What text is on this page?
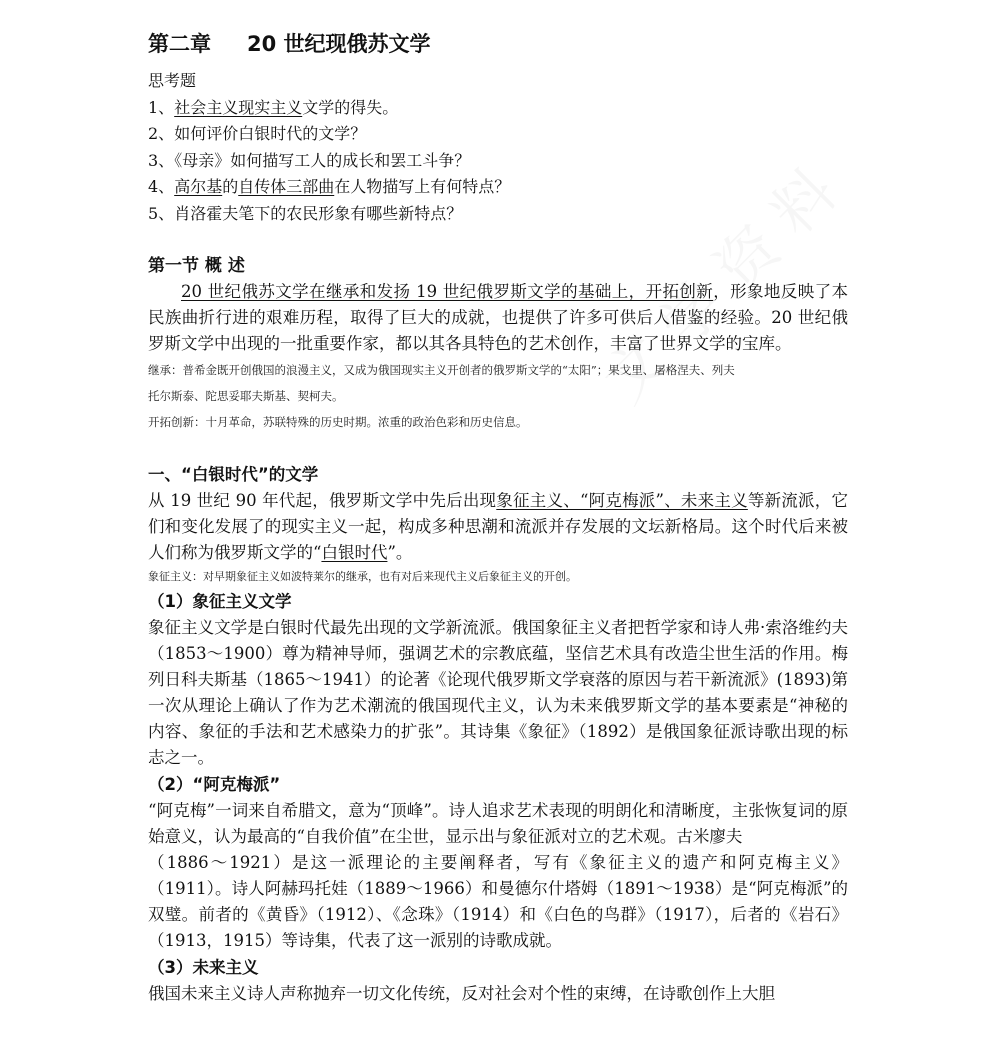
第二章 20 世纪现俄苏文学
思考题
1、社会主义现实主义文学的得失。
2、如何评价白银时代的文学？
3、《母亲》如何描写工人的成长和罢工斗争？
4、高尔基的自传体三部曲在人物描写上有何特点？
5、肖洛霍夫笔下的农民形象有哪些新特点？
第一节 概 述

20 世纪俄苏文学在继承和发扬 19 世纪俄罗斯文学的基础上，开拓创新，形象地反映了本民族曲折行进的艰难历程，取得了巨大的成就，也提供了许多可供后人借鉴的经验。20 世纪俄罗斯文学中出现的一批重要作家，都以其各具特色的艺术创作，丰富了世界文学的宝库。

继承：普希金既开创俄国的浪漫主义，又成为俄国现实主义开创者的俄罗斯文学的“太阳”；果戈里、屠格涅夫、列夫
托尔斯泰、陀思妥耶夫斯基、契柯夫。

开拓创新：十月革命，苏联特殊的历史时期。浓重的政治色彩和历史信息。

一、“白银时代”的文学

从 19 世纪 90 年代起，俄罗斯文学中先后出现象征主义、“阿克梅派”、未来主义等新流派，它们和变化发展了的现实主义一起，构成多种思潮和流派并存发展的文坛新格局。这个时代后来被人们称为俄罗斯文学的“白银时代”。

象征主义：对早期象征主义如波特莱尔的继承，也有对后来现代主义后象征主义的开创。

（1）象征主义文学

象征主义文学是白银时代最先出现的文学新流派。俄国象征主义者把哲学家和诗人弗·索洛维约夫（1853～1900）尊为精神导师，强调艺术的宗教底蕴，坚信艺术具有改造尘世生活的作用。梅列日科夫斯基（1865～1941）的论著《论现代俄罗斯文学衰落的原因与若干新流派》(1893)第一次从理论上确认了作为艺术潮流的俄国现代主义，认为未来俄罗斯文学的基本要素是“神秘的内容、象征的手法和艺术感染力的扩张”。其诗集《象征》（1892）是俄国象征派诗歌出现的标志之一。

（2）“阿克梅派”

“阿克梅”一词来自希腊文，意为“顶峰”。诗人追求艺术表现的明朗化和清晰度，主张恢复词的原始意义，认为最高的“自我价值”在尘世，显示出与象征派对立的艺术观。古米廖夫

（1886～1921）是这一派理论的主要阐释者，写有《象征主义的遗产和阿克梅主义》（1911）。诗人阿赫玛托娃（1889～1966）和曼德尔什塔姆（1891～1938）是“阿克梅派”的双璧。前者的《黄昏》（1912）、《念珠》（1914）和《白色的鸟群》（1917），后者的《岩石》（1913，1915）等诗集，代表了这一派别的诗歌成就。

（3）未来主义

俄国未来主义诗人声称抛弃一切文化传统，反对社会对个性的束缚，在诗歌创作上大胆
